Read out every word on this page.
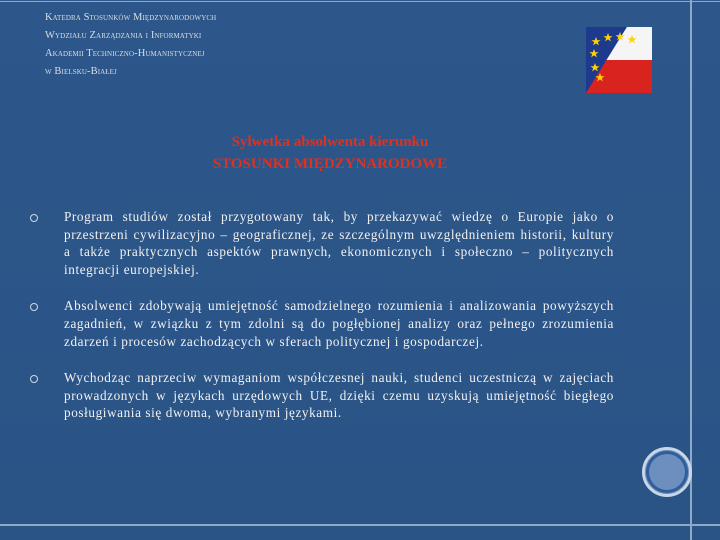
Katedra Stosunków Międzynarodowych
Wydziału Zarządzania i Informatyki
Akademii Techniczno-Humanistycznej
w Bielsku-Białej
Sylwetka absolwenta kierunku
STOSUNKI MIĘDZYNARODOWE

Program studiów został przygotowany tak, by przekazywać wiedzę o Europie jako o przestrzeni cywilizacyjno – geograficznej, ze szczególnym uwzględnieniem historii, kultury a także praktycznych aspektów prawnych, ekonomicznych i społeczno – politycznych integracji europejskiej.

Absolwenci zdobywają umiejętność samodzielnego rozumienia i analizowania powyższych zagadnień, w związku z tym zdolni są do pogłębionej analizy oraz pełnego zrozumienia zdarzeń i procesów zachodzących w sferach politycznej i gospodarczej.

Wychodząc naprzeciw wymaganiom współczesnej nauki, studenci uczestniczą w zajęciach prowadzonych w językach urzędowych UE, dzięki czemu uzyskują umiejętność biegłego posługiwania się dwoma, wybranymi językami.
